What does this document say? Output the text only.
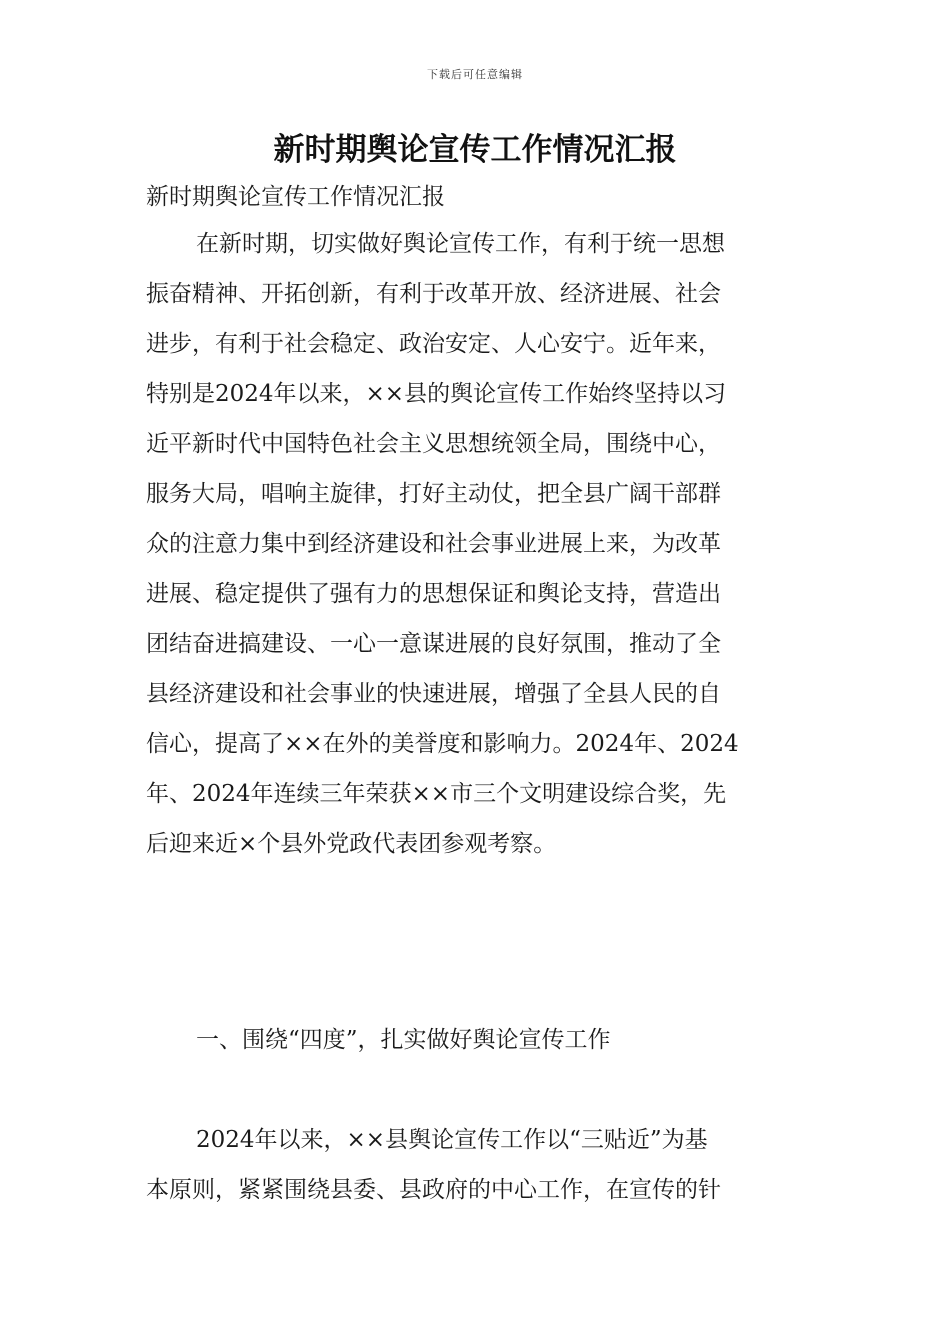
下载后可任意编辑
新时期舆论宣传工作情况汇报
新时期舆论宣传工作情况汇报
在新时期，切实做好舆论宣传工作，有利于统一思想
振奋精神、开拓创新，有利于改革开放、经济进展、社会
进步，有利于社会稳定、政治安定、人心安宁。近年来，
特别是2024年以来，××县的舆论宣传工作始终坚持以习
近平新时代中国特色社会主义思想统领全局，围绕中心，
服务大局，唱响主旋律，打好主动仗，把全县广阔干部群
众的注意力集中到经济建设和社会事业进展上来，为改革
进展、稳定提供了强有力的思想保证和舆论支持，营造出
团结奋进搞建设、一心一意谋进展的良好氛围，推动了全
县经济建设和社会事业的快速进展，增强了全县人民的自
信心，提高了××在外的美誉度和影响力。2024年、2024
年、2024年连续三年荣获××市三个文明建设综合奖，先
后迎来近×个县外党政代表团参观考察。
一、围绕“四度”，扎实做好舆论宣传工作
2024年以来，××县舆论宣传工作以“三贴近”为基
本原则，紧紧围绕县委、县政府的中心工作，在宣传的针
